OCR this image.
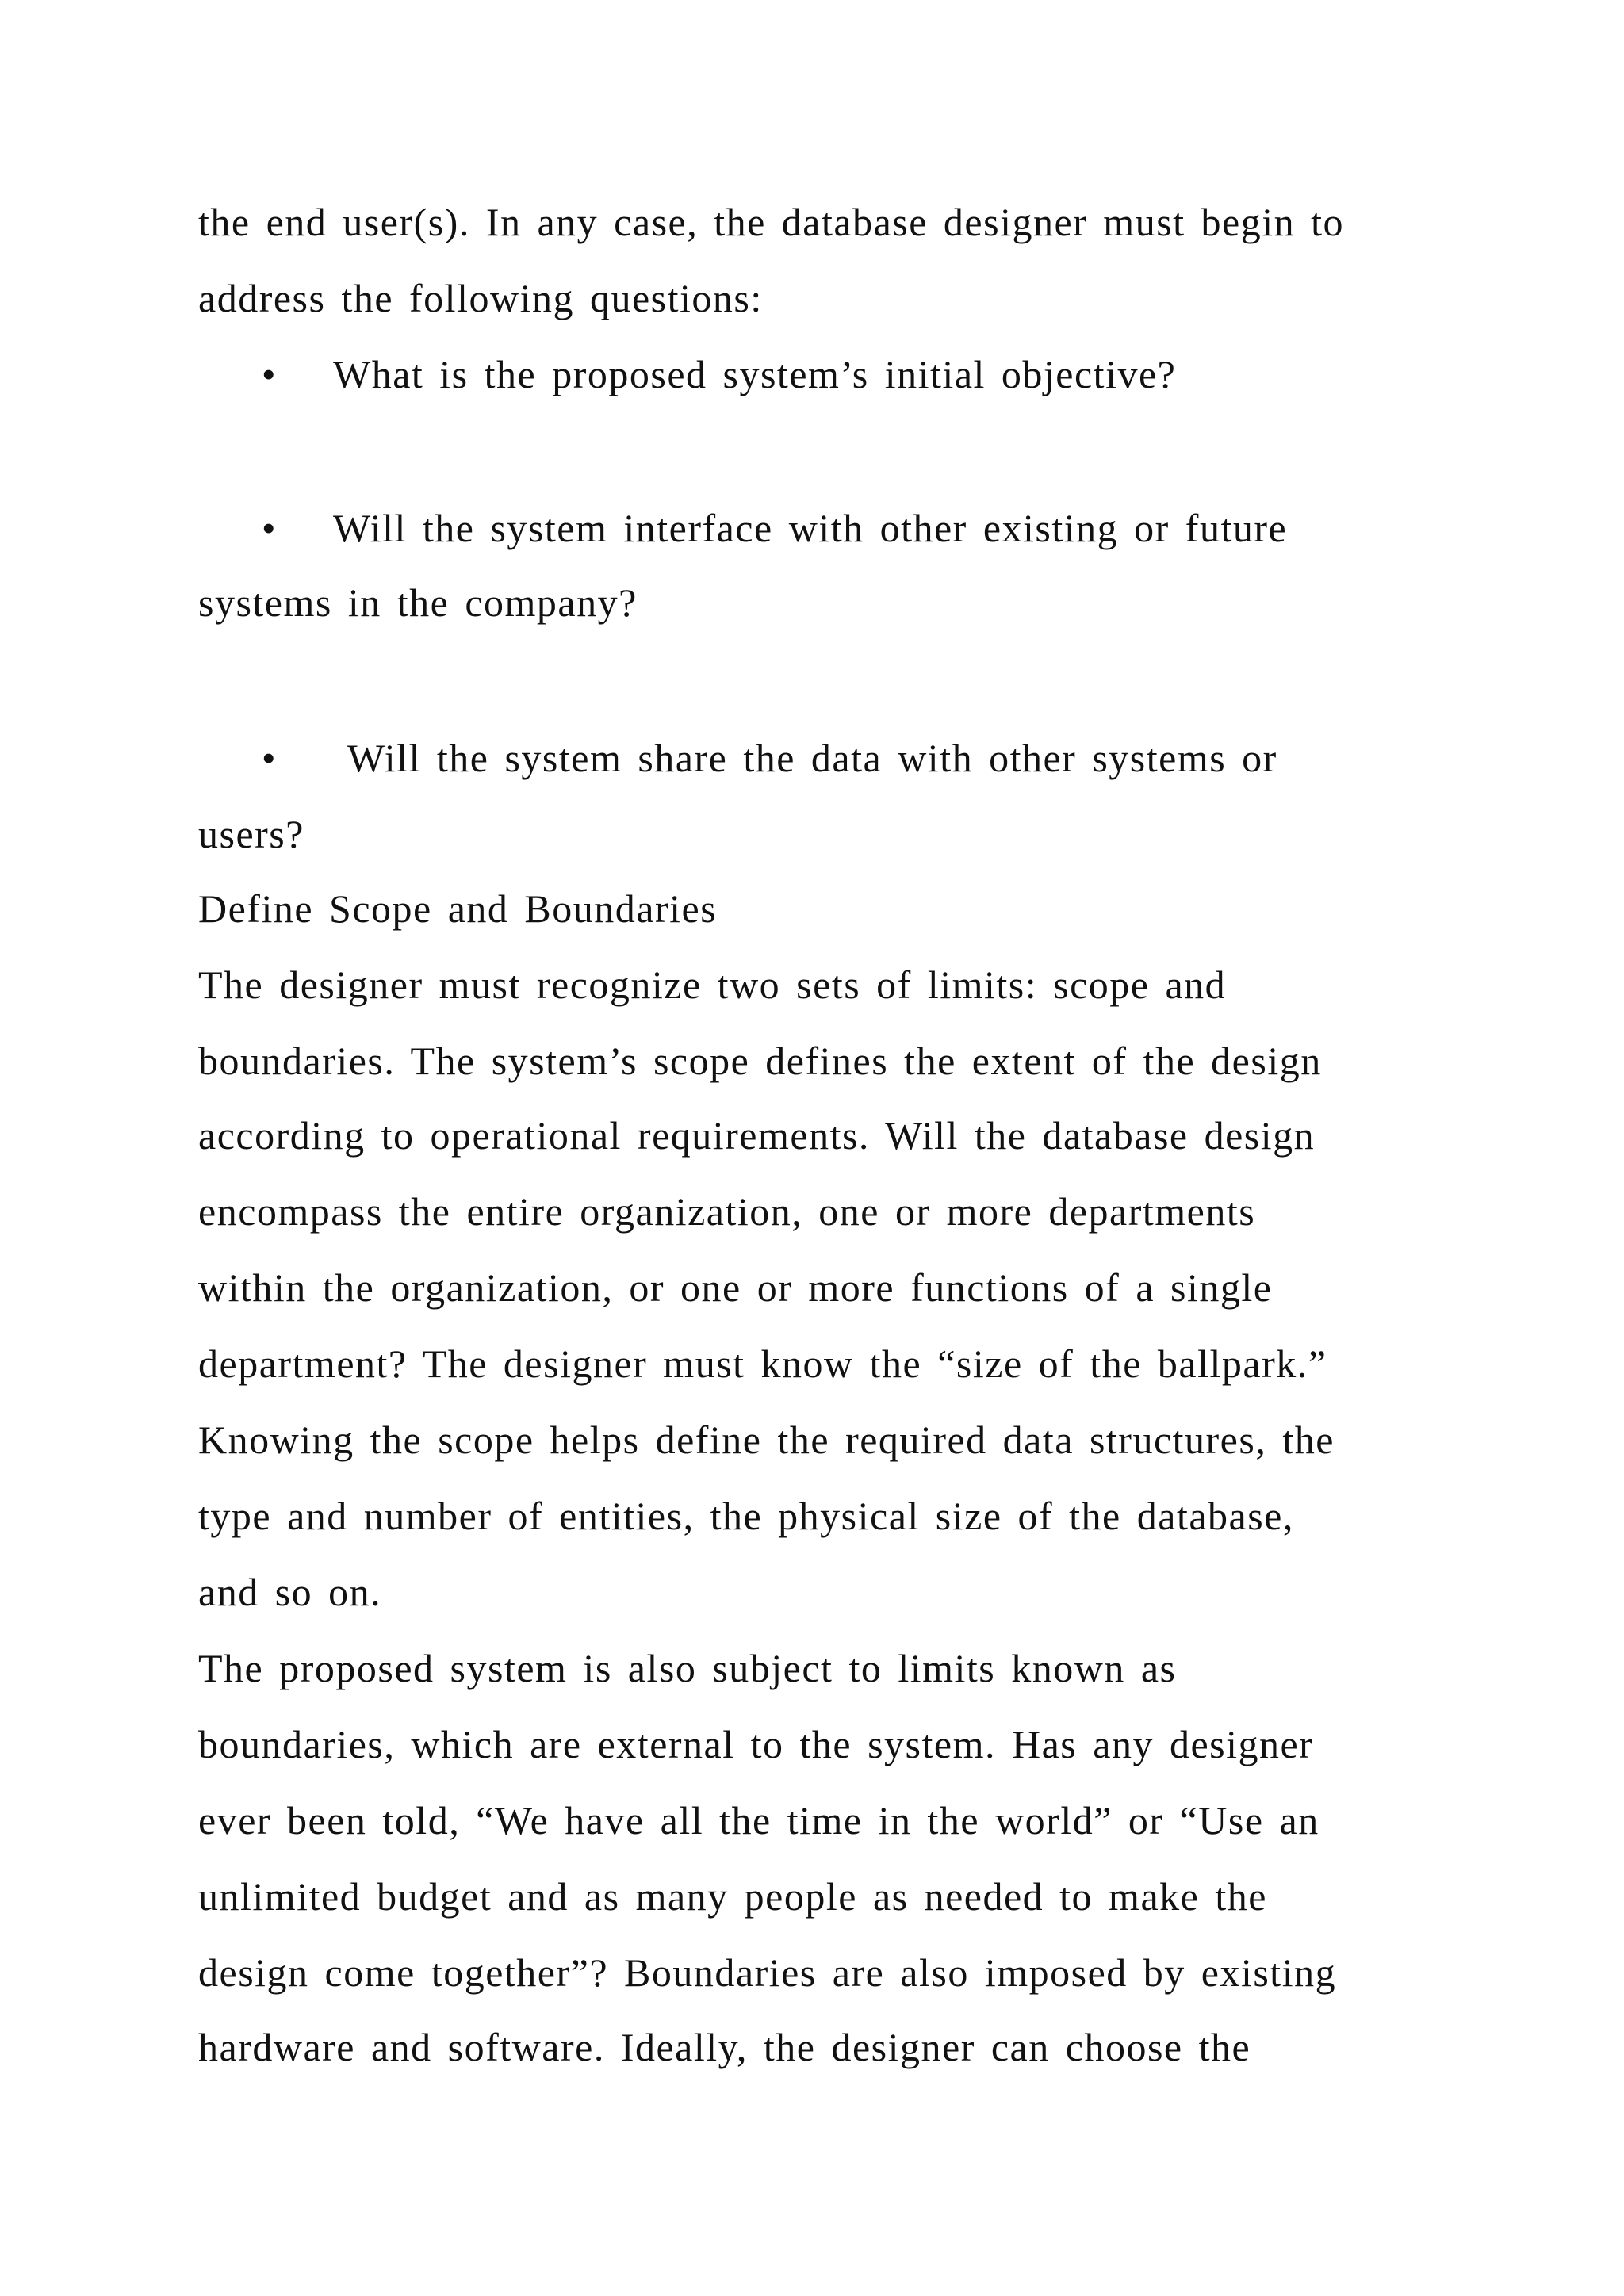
the end user(s). In any case, the database designer must begin to
address the following questions:
• What is the proposed system’s initial objective?
• Will the system interface with other existing or future
systems in the company?
• Will the system share the data with other systems or
users?
Define Scope and Boundaries
The designer must recognize two sets of limits: scope and
boundaries. The system’s scope defines the extent of the design
according to operational requirements. Will the database design
encompass the entire organization, one or more departments
within the organization, or one or more functions of a single
department? The designer must know the “size of the ballpark.”
Knowing the scope helps define the required data structures, the
type and number of entities, the physical size of the database,
and so on.
The proposed system is also subject to limits known as
boundaries, which are external to the system. Has any designer
ever been told, “We have all the time in the world” or “Use an
unlimited budget and as many people as needed to make the
design come together”? Boundaries are also imposed by existing
hardware and software. Ideally, the designer can choose the
